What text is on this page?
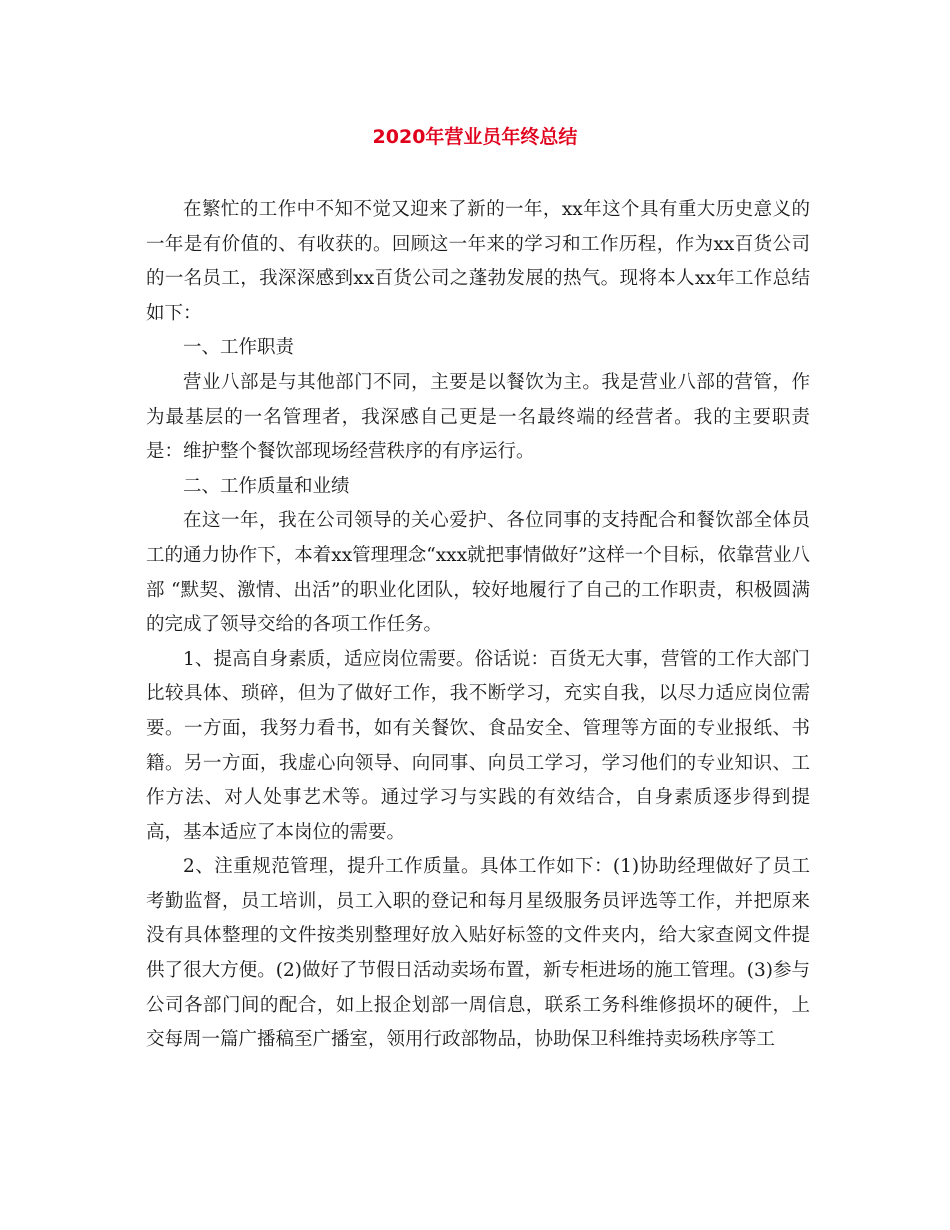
2020年营业员年终总结

在繁忙的工作中不知不觉又迎来了新的一年，xx年这个具有重大历史意义的一年是有价值的、有收获的。回顾这一年来的学习和工作历程，作为xx百货公司的一名员工，我深深感到xx百货公司之蓬勃发展的热气。现将本人xx年工作总结如下：

一、工作职责

营业八部是与其他部门不同，主要是以餐饮为主。我是营业八部的营管，作为最基层的一名管理者，我深感自己更是一名最终端的经营者。我的主要职责是：维护整个餐饮部现场经营秩序的有序运行。

二、工作质量和业绩

在这一年，我在公司领导的关心爱护、各位同事的支持配合和餐饮部全体员工的通力协作下，本着xx管理理念“xxx就把事情做好”这样一个目标，依靠营业八部 “默契、激情、出活”的职业化团队，较好地履行了自己的工作职责，积极圆满的完成了领导交给的各项工作任务。

1、提高自身素质，适应岗位需要。俗话说：百货无大事，营管的工作大部门比较具体、琐碎，但为了做好工作，我不断学习，充实自我，以尽力适应岗位需要。一方面，我努力看书，如有关餐饮、食品安全、管理等方面的专业报纸、书籍。另一方面，我虚心向领导、向同事、向员工学习，学习他们的专业知识、工作方法、对人处事艺术等。通过学习与实践的有效结合，自身素质逐步得到提高，基本适应了本岗位的需要。

2、注重规范管理，提升工作质量。具体工作如下：(1)协助经理做好了员工考勤监督，员工培训，员工入职的登记和每月星级服务员评选等工作，并把原来没有具体整理的文件按类别整理好放入贴好标签的文件夹内，给大家查阅文件提供了很大方便。(2)做好了节假日活动卖场布置，新专柜进场的施工管理。(3)参与公司各部门间的配合，如上报企划部一周信息，联系工务科维修损坏的硬件，上交每周一篇广播稿至广播室，领用行政部物品，协助保卫科维持卖场秩序等工
